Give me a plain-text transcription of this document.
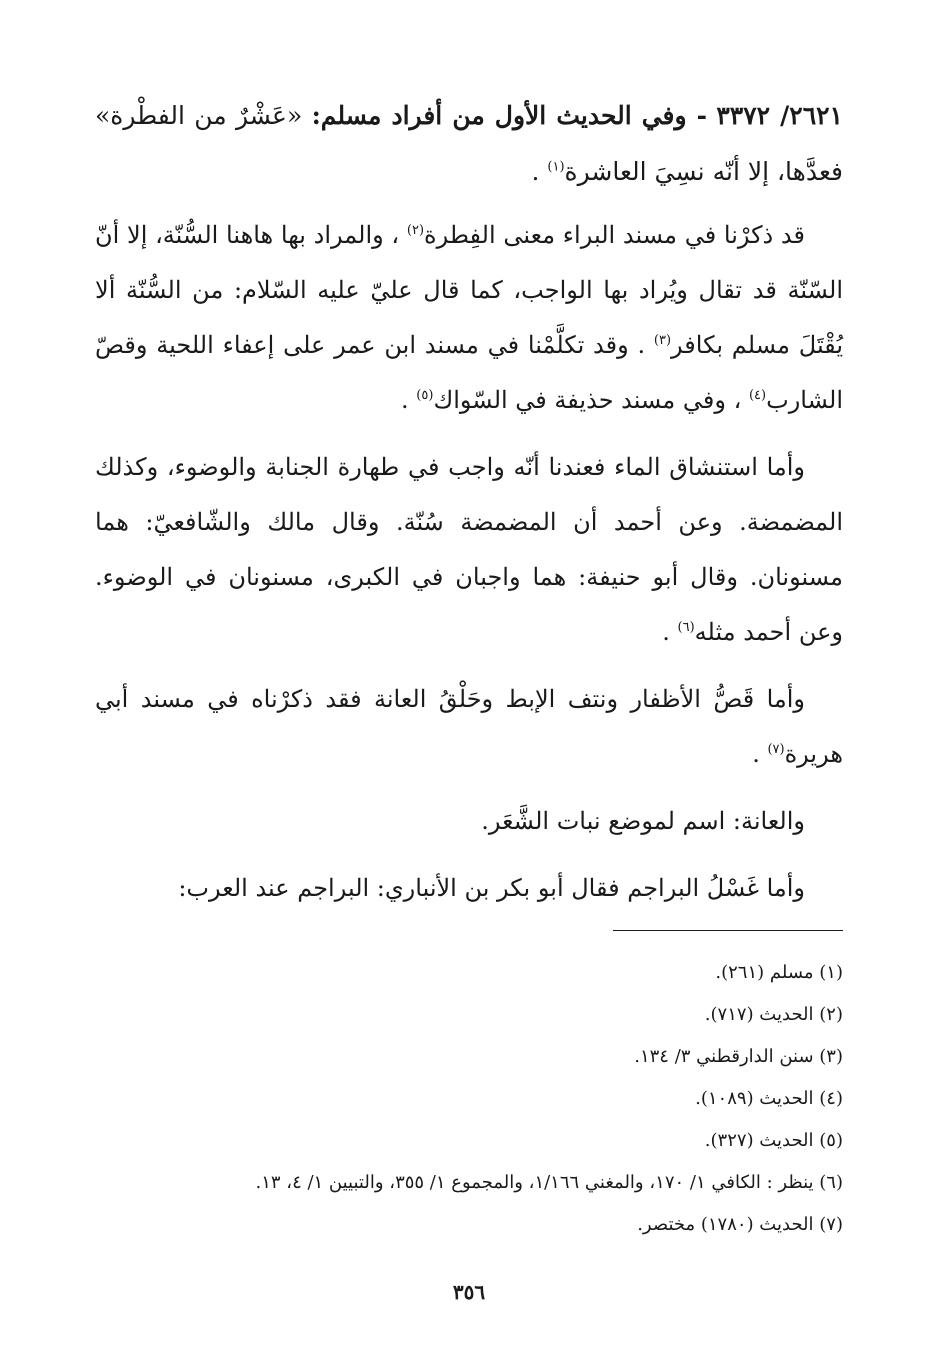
٢٦٢١/ ٣٣٧٢ - وفي الحديث الأول من أفراد مسلم: «عَشْرٌ من الفطْرة» فعدَّها، إلا أنّه نسِيَ العاشرة$^{(١)}$ .

قد ذكرْنا في مسند البراء معنى الفِطرة$^{(٢)}$ ، والمراد بها هاهنا السُّنّة، إلا أنّ السّنّة قد تقال ويُراد بها الواجب، كما قال عليّ عليه السّلام: من السُّنّة ألا يُقْتَلَ مسلم بكافر$^{(٣)}$ . وقد تكلَّمْنا في مسند ابن عمر على إعفاء اللحية وقصّ الشارب$^{(٤)}$ ، وفي مسند حذيفة في السّواك$^{(٥)}$ .

وأما استنشاق الماء فعندنا أنّه واجب في طهارة الجنابة والوضوء، وكذلك المضمضة. وعن أحمد أن المضمضة سُنّة. وقال مالك والشّافعيّ: هما مسنونان. وقال أبو حنيفة: هما واجبان في الكبرى، مسنونان في الوضوء. وعن أحمد مثله$^{(٦)}$ .

وأما قَصُّ الأظفار ونتف الإبط وحَلْقُ العانة فقد ذكرْناه في مسند أبي هريرة$^{(٧)}$ .

والعانة: اسم لموضع نبات الشَّعَر.

وأما غَسْلُ البراجم فقال أبو بكر بن الأنباري: البراجم عند العرب:

(١) مسلم (٢٦١).
(٢) الحديث (٧١٧).
(٣) سنن الدارقطني ٣/ ١٣٤.
(٤) الحديث (١٠٨٩).
(٥) الحديث (٣٢٧).
(٦) ينظر : الكافي ١/ ١٧٠، والمغني ١/١٦٦، والمجموع ١/ ٣٥٥، والتبيين ١/ ٤، ١٣.
(٧) الحديث (١٧٨٠) مختصر.
٣٥٦
